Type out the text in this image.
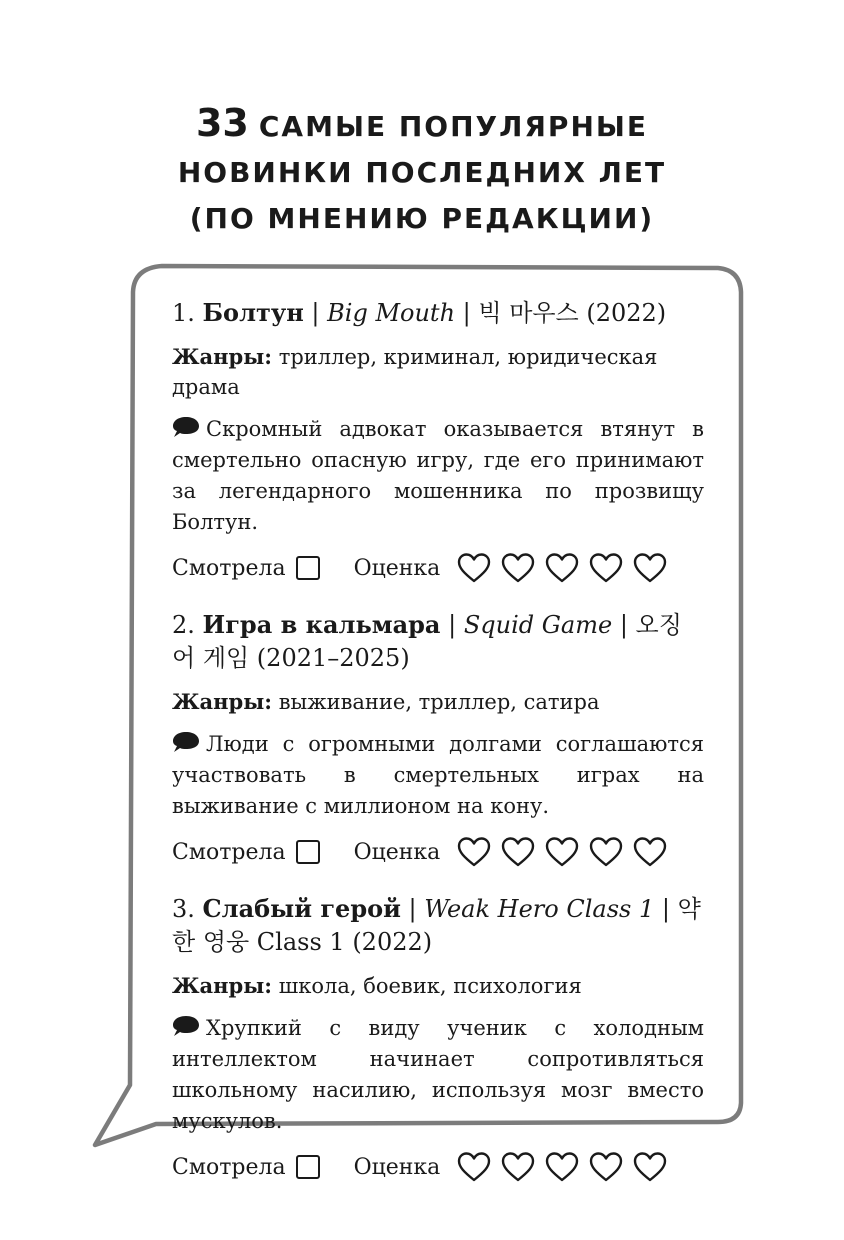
33 САМЫЕ ПОПУЛЯРНЫЕ
НОВИНКИ ПОСЛЕДНИХ ЛЕТ
(ПО МНЕНИЮ РЕДАКЦИИ)

1. Болтун | Big Mouth | 빅 마우스 (2022)

Жанры: триллер, криминал, юридическая драма

Скромный адвокат оказывается втянут в смертельно опасную игру, где его принимают за легендарного мошенника по прозвищу Болтун.

Смотрела	Оценка

2. Игра в кальмара | Squid Game | 오징어 게임 (2021–2025)

Жанры: выживание, триллер, сатира

Люди с огромными долгами соглашаются участвовать в смертельных играх на выживание с миллионом на кону.

Смотрела	Оценка

3. Слабый герой | Weak Hero Class 1 | 약한 영웅 Class 1 (2022)

Жанры: школа, боевик, психология

Хрупкий с виду ученик с холодным интеллектом начинает сопротивляться школьному насилию, используя мозг вместо мускулов.

Смотрела	Оценка
